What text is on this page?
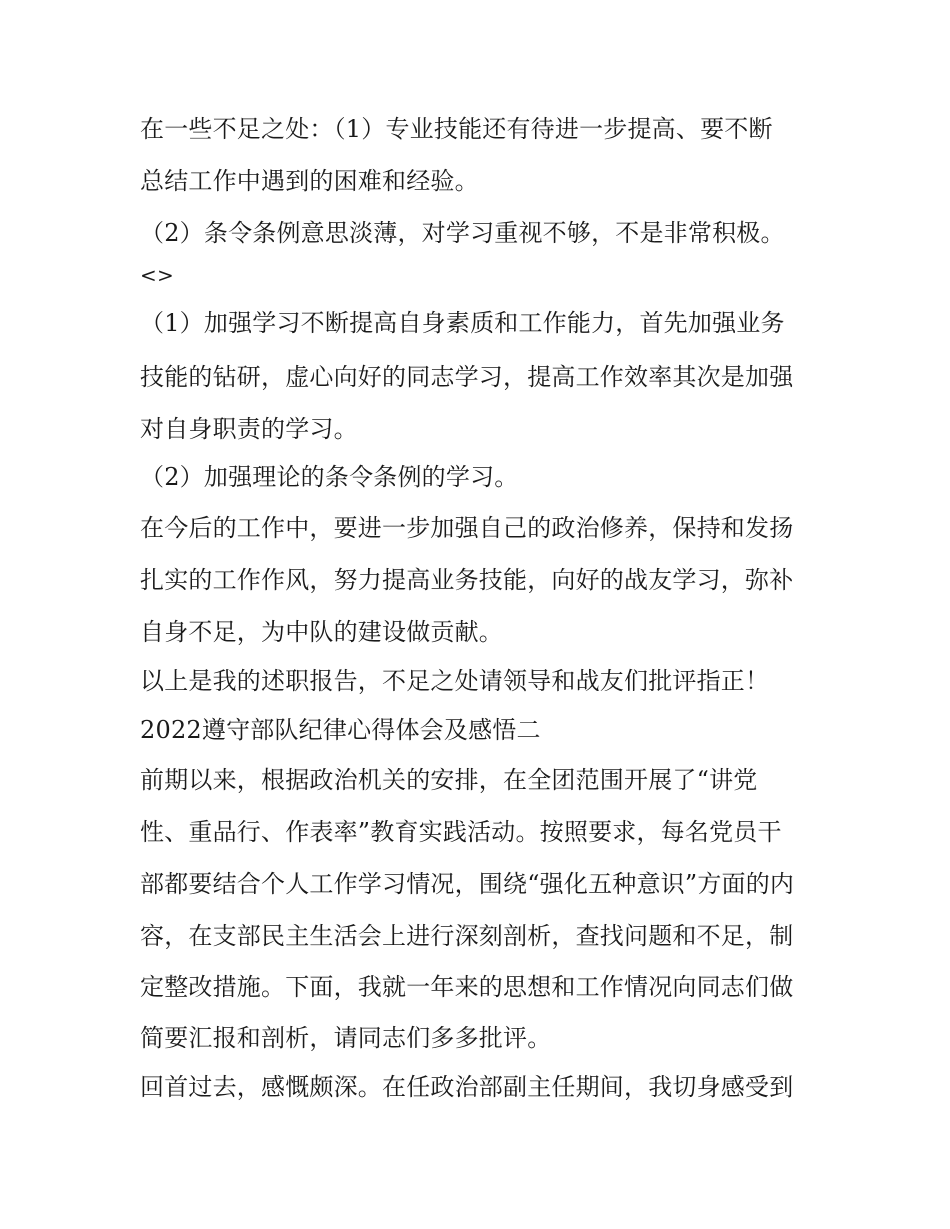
在一些不足之处：（1）专业技能还有待进一步提高、要不断
总结工作中遇到的困难和经验。
（2）条令条例意思淡薄，对学习重视不够，不是非常积极。
<>
（1）加强学习不断提高自身素质和工作能力，首先加强业务
技能的钻研，虚心向好的同志学习，提高工作效率其次是加强
对自身职责的学习。
（2）加强理论的条令条例的学习。
在今后的工作中，要进一步加强自己的政治修养，保持和发扬
扎实的工作作风，努力提高业务技能，向好的战友学习，弥补
自身不足，为中队的建设做贡献。
以上是我的述职报告，不足之处请领导和战友们批评指正！
2022遵守部队纪律心得体会及感悟二
前期以来，根据政治机关的安排，在全团范围开展了“讲党
性、重品行、作表率”教育实践活动。按照要求，每名党员干
部都要结合个人工作学习情况，围绕“强化五种意识”方面的内
容，在支部民主生活会上进行深刻剖析，查找问题和不足，制
定整改措施。下面，我就一年来的思想和工作情况向同志们做
简要汇报和剖析，请同志们多多批评。
回首过去，感慨颇深。在任政治部副主任期间，我切身感受到
